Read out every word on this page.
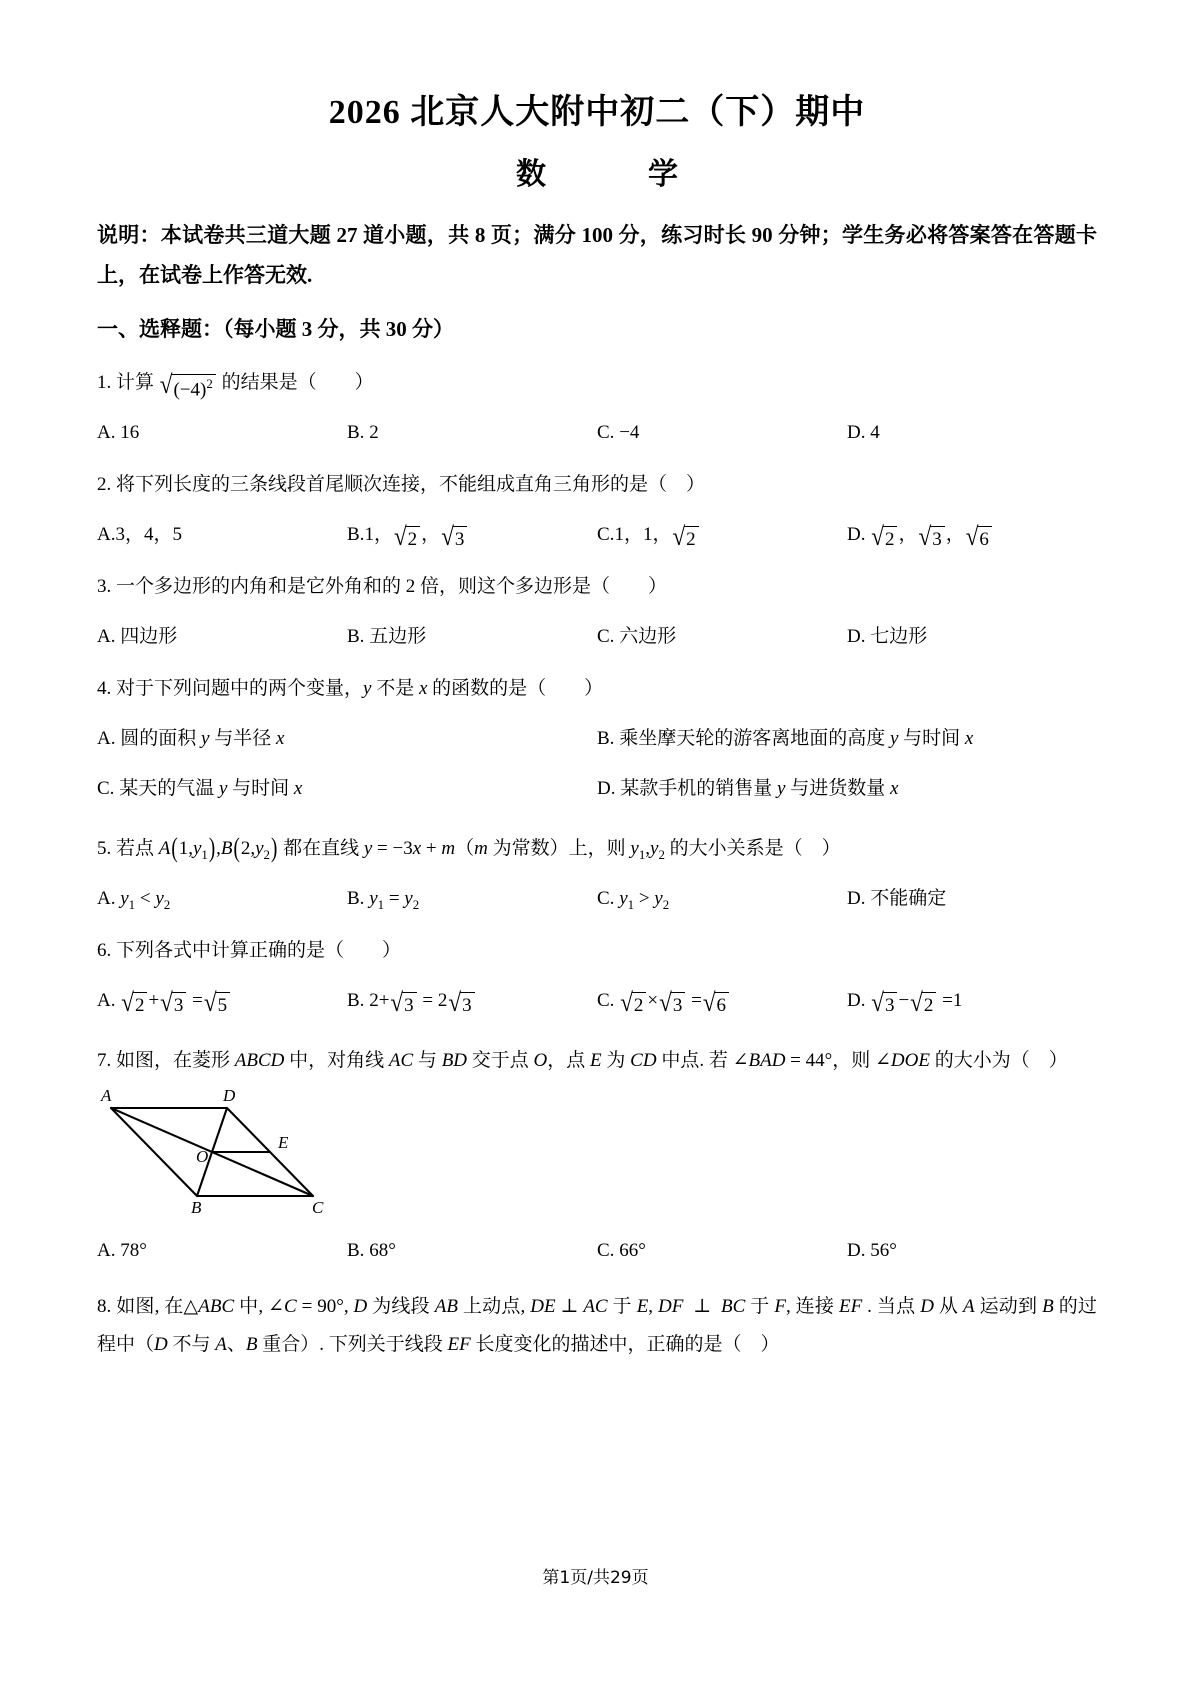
2026 北京人大附中初二（下）期中
数　　学

说明：本试卷共三道大题 27 道小题，共 8 页；满分 100 分，练习时长 90 分钟；学生务必将答案答在答题卡上，在试卷上作答无效.

一、选释题：（每小题 3 分，共 30 分）

1. 计算 √ $(-4)^2$ 的结果是（　　）

A. 16	B. 2	C. −4	D. 4

2. 将下列长度的三条线段首尾顺次连接，不能组成直角三角形的是（　）

A.3，4，5	B.1， √ 2 ， √ 3	C.1，1， √ 2	D. √ 2 ， √ 3 ， √ 6

3. 一个多边形的内角和是它外角和的 2 倍，则这个多边形是（　　）

A. 四边形	B. 五边形	C. 六边形	D. 七边形

4. 对于下列问题中的两个变量，y 不是 x 的函数的是（　　）

A. 圆的面积 y 与半径 x	B. 乘坐摩天轮的游客离地面的高度 y 与时间 x
C. 某天的气温 y 与时间 x	D. 某款手机的销售量 y 与进货数量 x

5. 若点 $A(1,y_1),B(2,y_2)$ 都在直线 y = −3x + m（m 为常数）上，则 $y_1,y_2$ 的大小关系是（　）

A. $y_1 < y_2$	B. $y_1 = y_2$	C. $y_1 > y_2$	D. 不能确定

6. 下列各式中计算正确的是（　　）

A. √ 2 + √ 3 = √ 5	B. 2+ √ 3 = 2 √ 3	C. √ 2 × √ 3 = √ 6	D. √ 3 − √ 2 =1

7. 如图，在菱形 ABCD 中，对角线 AC 与 BD 交于点 O，点 E 为 CD 中点. 若 ∠BAD = 44°，则 ∠DOE 的大小为（　）

A	D
E
O
B	C
A. 78°	B. 68°	C. 66°	D. 56°

8. 如图, 在△ABC 中, ∠C = 90°, D 为线段 AB 上动点, DE ⊥ AC 于 E, DF  ⊥  BC 于 F, 连接 EF . 当点 D 从 A 运动到 B 的过程中（D 不与 A、B 重合）. 下列关于线段 EF 长度变化的描述中，正确的是（　）

第1页/共29页
